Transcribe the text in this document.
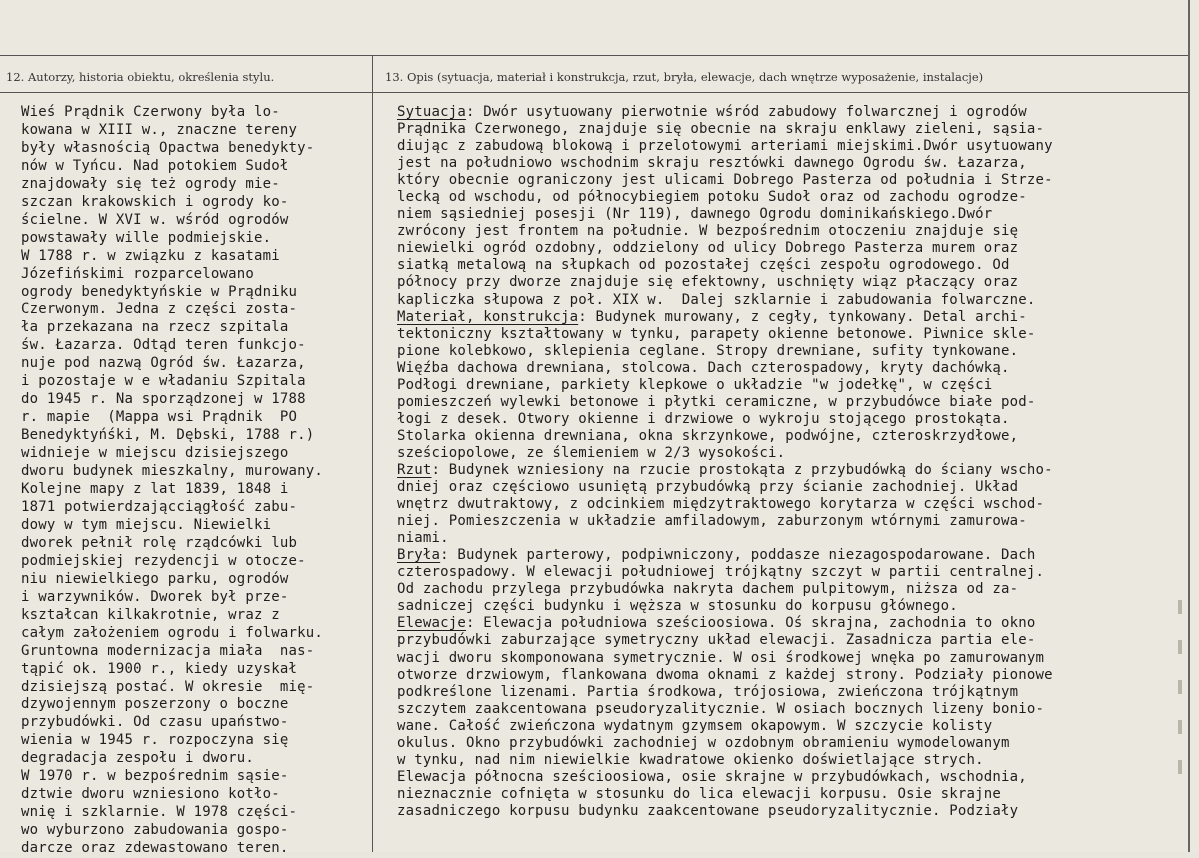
12. Autorzy, historia obiektu, określenia stylu.	13. Opis (sytuacja, materiał i konstrukcja, rzut, bryła, elewacje, dach wnętrze wyposażenie, instalacje)
Wieś Prądnik Czerwony była lo-
kowana w XIII w., znaczne tereny
były własnością Opactwa benedykty-
nów w Tyńcu. Nad potokiem Sudoł
znajdowały się też ogrody mie-
szczan krakowskich i ogrody ko-
ścielne. W XVI w. wśród ogrodów
powstawały wille podmiejskie.
W 1788 r. w związku z kasatami
Józefińskimi rozparcelowano
ogrody benedyktyńskie w Prądniku
Czerwonym. Jedna z części zosta-
ła przekazana na rzecz szpitala
św. Łazarza. Odtąd teren funkcjo-
nuje pod nazwą Ogród św. Łazarza,
i pozostaje w e władaniu Szpitala
do 1945 r. Na sporządzonej w 1788
r. mapie  (Mappa wsi Prądnik  PO
Benedyktyńśki, M. Dębski, 1788 r.)
widnieje w miejscu dzisiejszego
dworu budynek mieszkalny, murowany.
Kolejne mapy z lat 1839, 1848 i
1871 potwierdzającciągłość zabu-
dowy w tym miejscu. Niewielki
dworek pełnił rolę rządcówki lub
podmiejskiej rezydencji w otocze-
niu niewielkiego parku, ogrodów
i warzywników. Dworek był prze-
kształcan kilkakrotnie, wraz z
całym założeniem ogrodu i folwarku.
Gruntowna modernizacja miała  nas-
tąpić ok. 1900 r., kiedy uzyskał
dzisiejszą postać. W okresie  mię-
dzywojennym poszerzony o boczne
przybudówki. Od czasu upaństwo-
wienia w 1945 r. rozpoczyna się
degradacja zespołu i dworu.
W 1970 r. w bezpośrednim sąsie-
dztwie dworu wzniesiono kotło-
wnię i szklarnie. W 1978 części-
wo wyburzono zabudowania gospo-
darcze oraz zdewastowano teren.
Sytuacja: Dwór usytuowany pierwotnie wśród zabudowy folwarcznej i ogrodów
Prądnika Czerwonego, znajduje się obecnie na skraju enklawy zieleni, sąsia-
diując z zabudową blokową i przelotowymi arteriami miejskimi.Dwór usytuowany
jest na południowo wschodnim skraju resztówki dawnego Ogrodu św. Łazarza,
który obecnie ograniczony jest ulicami Dobrego Pasterza od południa i Strze-
lecką od wschodu, od północybiegiem potoku Sudoł oraz od zachodu ogrodze-
niem sąsiedniej posesji (Nr 119), dawnego Ogrodu dominikańskiego.Dwór
zwrócony jest frontem na południe. W bezpośrednim otoczeniu znajduje się
niewielki ogród ozdobny, oddzielony od ulicy Dobrego Pasterza murem oraz
siatką metalową na słupkach od pozostałej części zespołu ogrodowego. Od
północy przy dworze znajduje się efektowny, uschnięty wiąz płaczący oraz
kapliczka słupowa z poł. XIX w.  Dalej szklarnie i zabudowania folwarczne.
Materiał, konstrukcja: Budynek murowany, z cegły, tynkowany. Detal archi-
tektoniczny kształtowany w tynku, parapety okienne betonowe. Piwnice skle-
pione kolebkowo, sklepienia ceglane. Stropy drewniane, sufity tynkowane.
Więźba dachowa drewniana, stolcowa. Dach czterospadowy, kryty dachówką.
Podłogi drewniane, parkiety klepkowe o układzie "w jodełkę", w części
pomieszczeń wylewki betonowe i płytki ceramiczne, w przybudówce białe pod-
łogi z desek. Otwory okienne i drzwiowe o wykroju stojącego prostokąta.
Stolarka okienna drewniana, okna skrzynkowe, podwójne, czteroskrzydłowe,
sześciopolowe, ze ślemieniem w 2/3 wysokości.
Rzut: Budynek wzniesiony na rzucie prostokąta z przybudówką do ściany wscho-
dniej oraz częściowo usuniętą przybudówką przy ścianie zachodniej. Układ
wnętrz dwutraktowy, z odcinkiem międzytraktowego korytarza w części wschod-
niej. Pomieszczenia w układzie amfiladowym, zaburzonym wtórnymi zamurowa-
niami.
Bryła: Budynek parterowy, podpiwniczony, poddasze niezagospodarowane. Dach
czterospadowy. W elewacji południowej trójkątny szczyt w partii centralnej.
Od zachodu przylega przybudówka nakryta dachem pulpitowym, niższa od za-
sadniczej części budynku i węższa w stosunku do korpusu głównego.
Elewacje: Elewacja południowa sześcioosiowa. Oś skrajna, zachodnia to okno
przybudówki zaburzające symetryczny układ elewacji. Zasadnicza partia ele-
wacji dworu skomponowana symetrycznie. W osi środkowej wnęka po zamurowanym
otworze drzwiowym, flankowana dwoma oknami z każdej strony. Podziały pionowe
podkreślone lizenami. Partia środkowa, trójosiowa, zwieńczona trójkątnym
szczytem zaakcentowana pseudoryzalitycznie. W osiach bocznych lizeny bonio-
wane. Całość zwieńczona wydatnym gzymsem okapowym. W szczycie kolisty
okulus. Okno przybudówki zachodniej w ozdobnym obramieniu wymodelowanym
w tynku, nad nim niewielkie kwadratowe okienko doświetlające strych.
Elewacja północna sześcioosiowa, osie skrajne w przybudówkach, wschodnia,
nieznacznie cofnięta w stosunku do lica elewacji korpusu. Osie skrajne
zasadniczego korpusu budynku zaakcentowane pseudoryzalitycznie. Podziały
